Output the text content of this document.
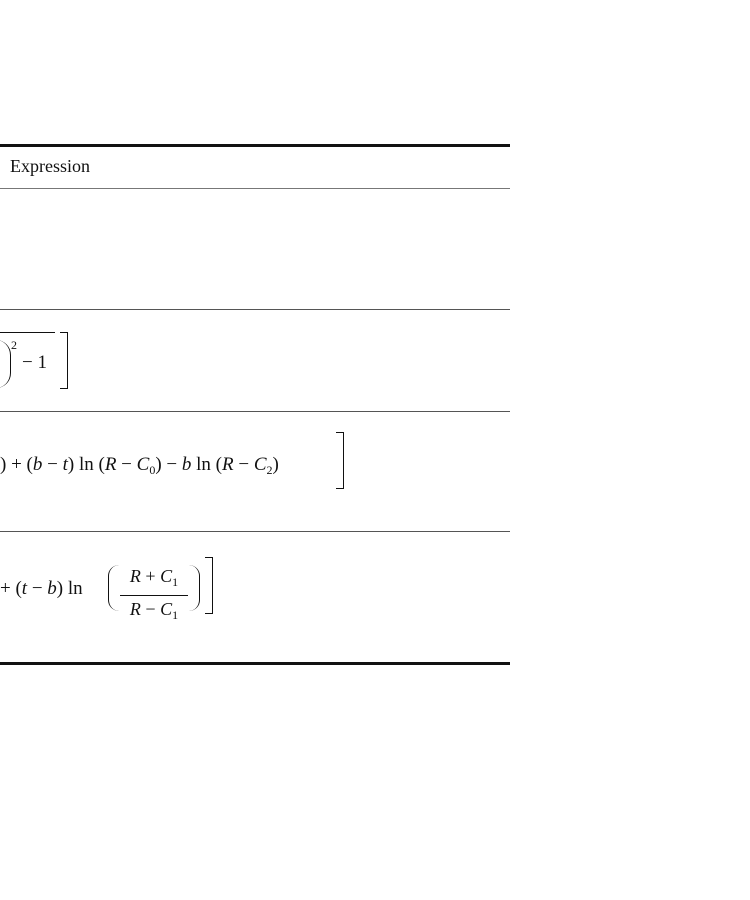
Expression
2
− 1
) + (b − t) $\ln (R - C_0) - b$ $\ln (R - C_2)$
+ (t − b) ln
$R + C_1$
$R - C_1$
